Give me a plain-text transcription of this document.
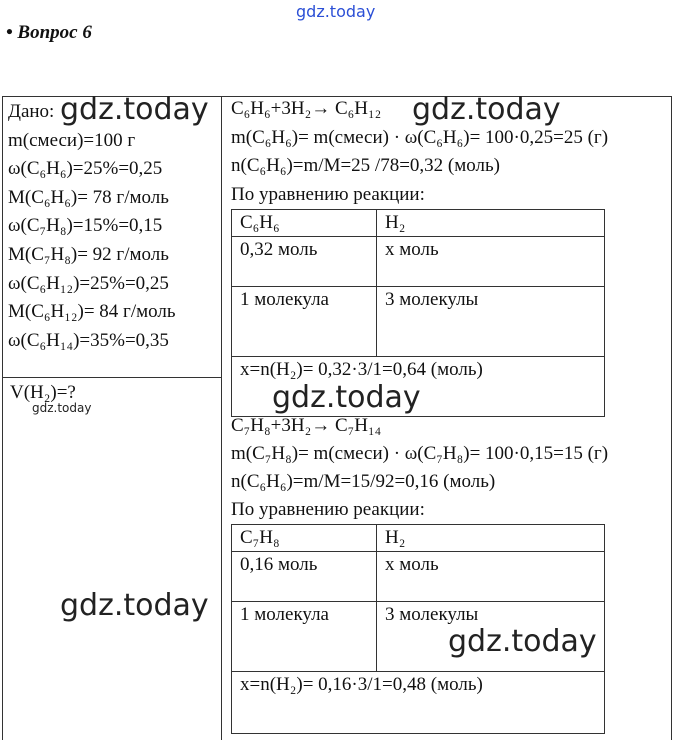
gdz.today
• Вопрос 6
Дано:
m(смеси)=100 г
ω(C₆H₆)=25%=0,25
M(C₆H₆)= 78 г/моль
ω(C₇H₈)=15%=0,15
M(C₇H₈)= 92 г/моль
ω(C₆H₁₂)=25%=0,25
M(C₆H₁₂)= 84 г/моль
ω(C₆H₁₄)=35%=0,35
V(H₂)=?
C₆H₆+3H₂→ C₆H₁₂
m(C₆H₆)= m(смеси) · ω(C₆H₆)= 100·0,25=25 (г)
n(C₆H₆)=m/M=25 /78=0,32 (моль)
По уравнению реакции:
C₆H₆	H₂
0,32 моль	x моль
1 молекула	3 молекулы
x=n(H₂)= 0,32·3/1=0,64 (моль)	
C₇H₈+3H₂→ C₇H₁₄
m(C₇H₈)= m(смеси) · ω(C₇H₈)= 100·0,15=15 (г)
n(C₆H₆)=m/M=15/92=0,16 (моль)
По уравнению реакции:
C₇H₈	H₂
0,16 моль	x моль
1 молекула	3 молекулы
x=n(H₂)= 0,16·3/1=0,48 (моль)	
gdz.today	gdz.today
gdz.today	gdz.today
gdz.today
gdz.today
